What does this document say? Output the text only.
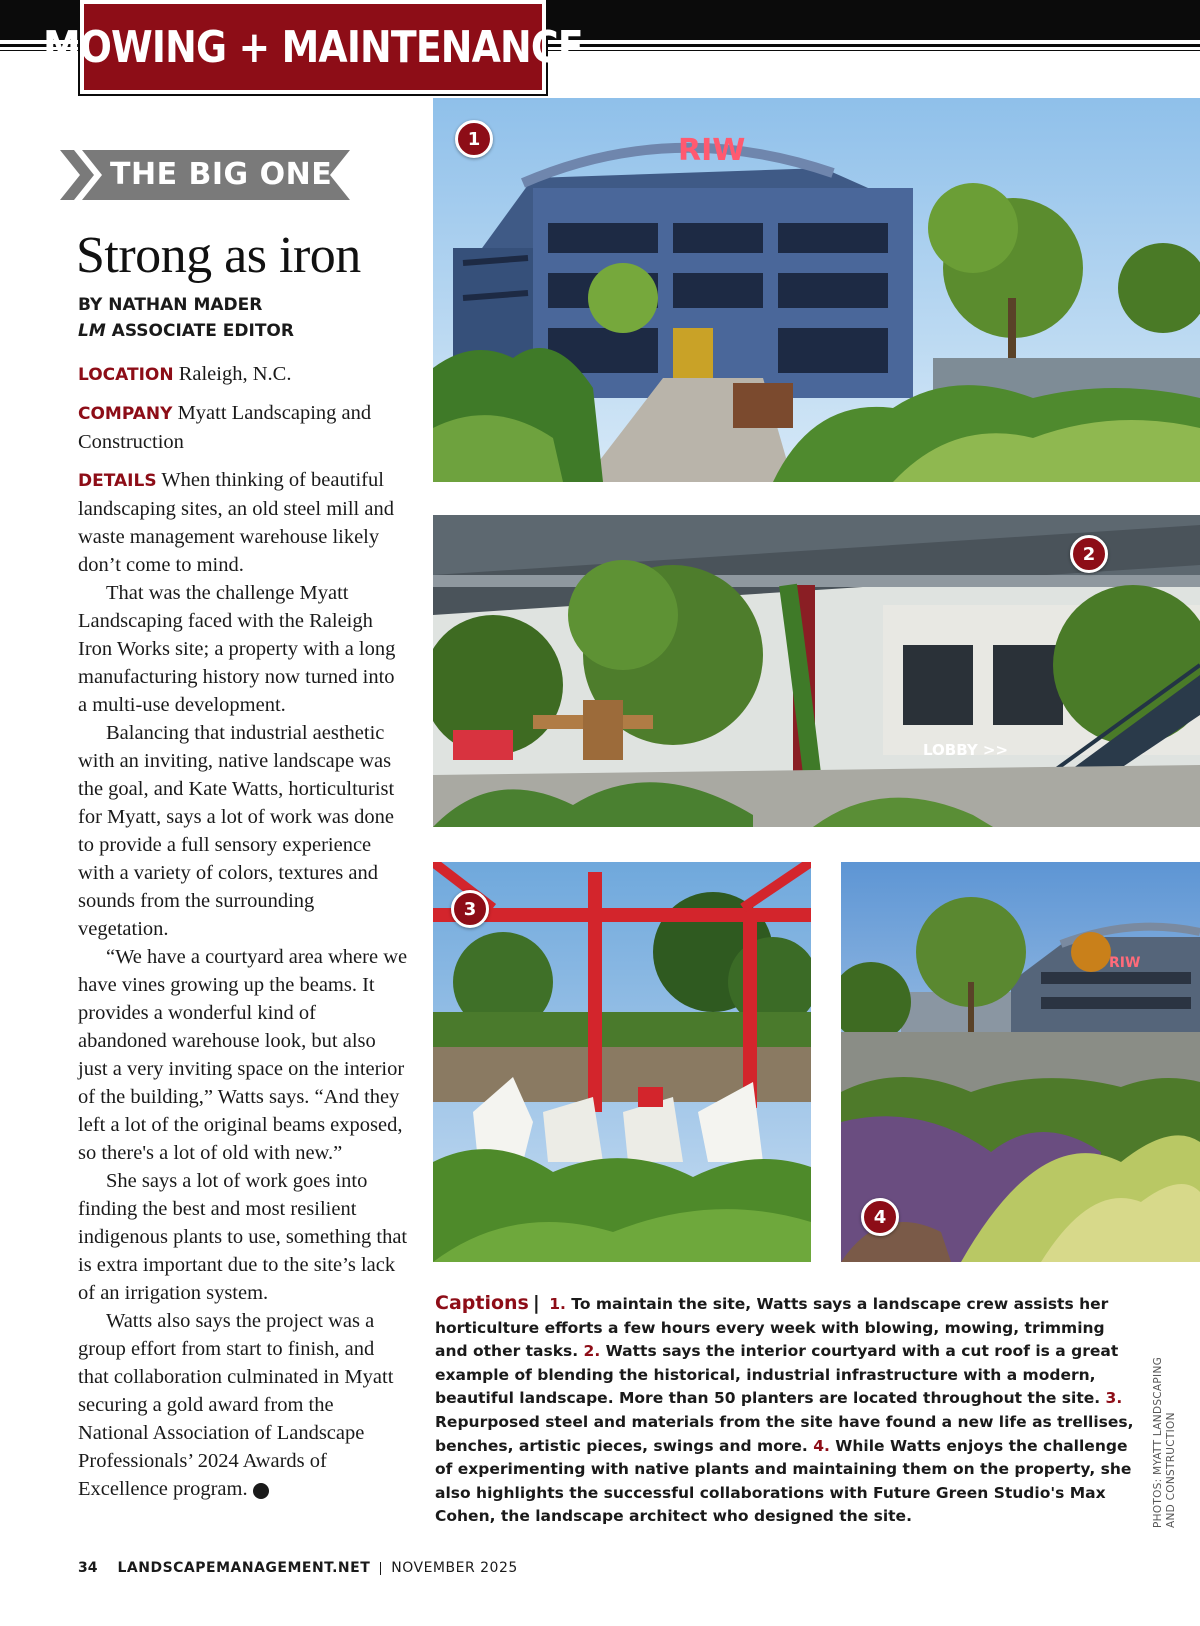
MOWING + MAINTENANCE
THE BIG ONE
Strong as iron
BY NATHAN MADER
LM ASSOCIATE EDITOR

LOCATION Raleigh, N.C.

COMPANY Myatt Landscaping and Construction

DETAILS When thinking of beautiful landscaping sites, an old steel mill and waste management warehouse likely don’t come to mind.

That was the challenge Myatt Landscaping faced with the Raleigh Iron Works site; a property with a long manufacturing history now turned into a multi-use development.

Balancing that industrial aesthetic with an inviting, native landscape was the goal, and Kate Watts, horticulturist for Myatt, says a lot of work was done to provide a full sensory experience with a variety of colors, textures and sounds from the surrounding vegetation.

“We have a courtyard area where we have vines growing up the beams. It provides a wonderful kind of abandoned warehouse look, but also just a very inviting space on the interior of the building,” Watts says. “And they left a lot of the original beams exposed, so there's a lot of old with new.”

She says a lot of work goes into finding the best and most resilient indigenous plants to use, something that is extra important due to the site’s lack of an irrigation system.

Watts also says the project was a group effort from start to finish, and that collaboration culminated in Myatt securing a gold award from the National Association of Landscape Professionals’ 2024 Awards of Excellence program.	LM

RIW
1
LOBBY >>
2
3
RIW
4
Captions | 1. To maintain the site, Watts says a landscape crew assists her horticulture efforts a few hours every week with blowing, mowing, trimming and other tasks. 2. Watts says the interior courtyard with a cut roof is a great example of blending the historical, industrial infrastructure with a modern, beautiful landscape. More than 50 planters are located throughout the site. 3. Repurposed steel and materials from the site have found a new life as trellises, benches, artistic pieces, swings and more. 4. While Watts enjoys the challenge of experimenting with native plants and maintaining them on the property, she also highlights the successful collaborations with Future Green Studio's Max Cohen, the landscape architect who designed the site.	PHOTOS: MYATT LANDSCAPING AND CONSTRUCTION
34 LANDSCAPEMANAGEMENT.NET NOVEMBER 2025
